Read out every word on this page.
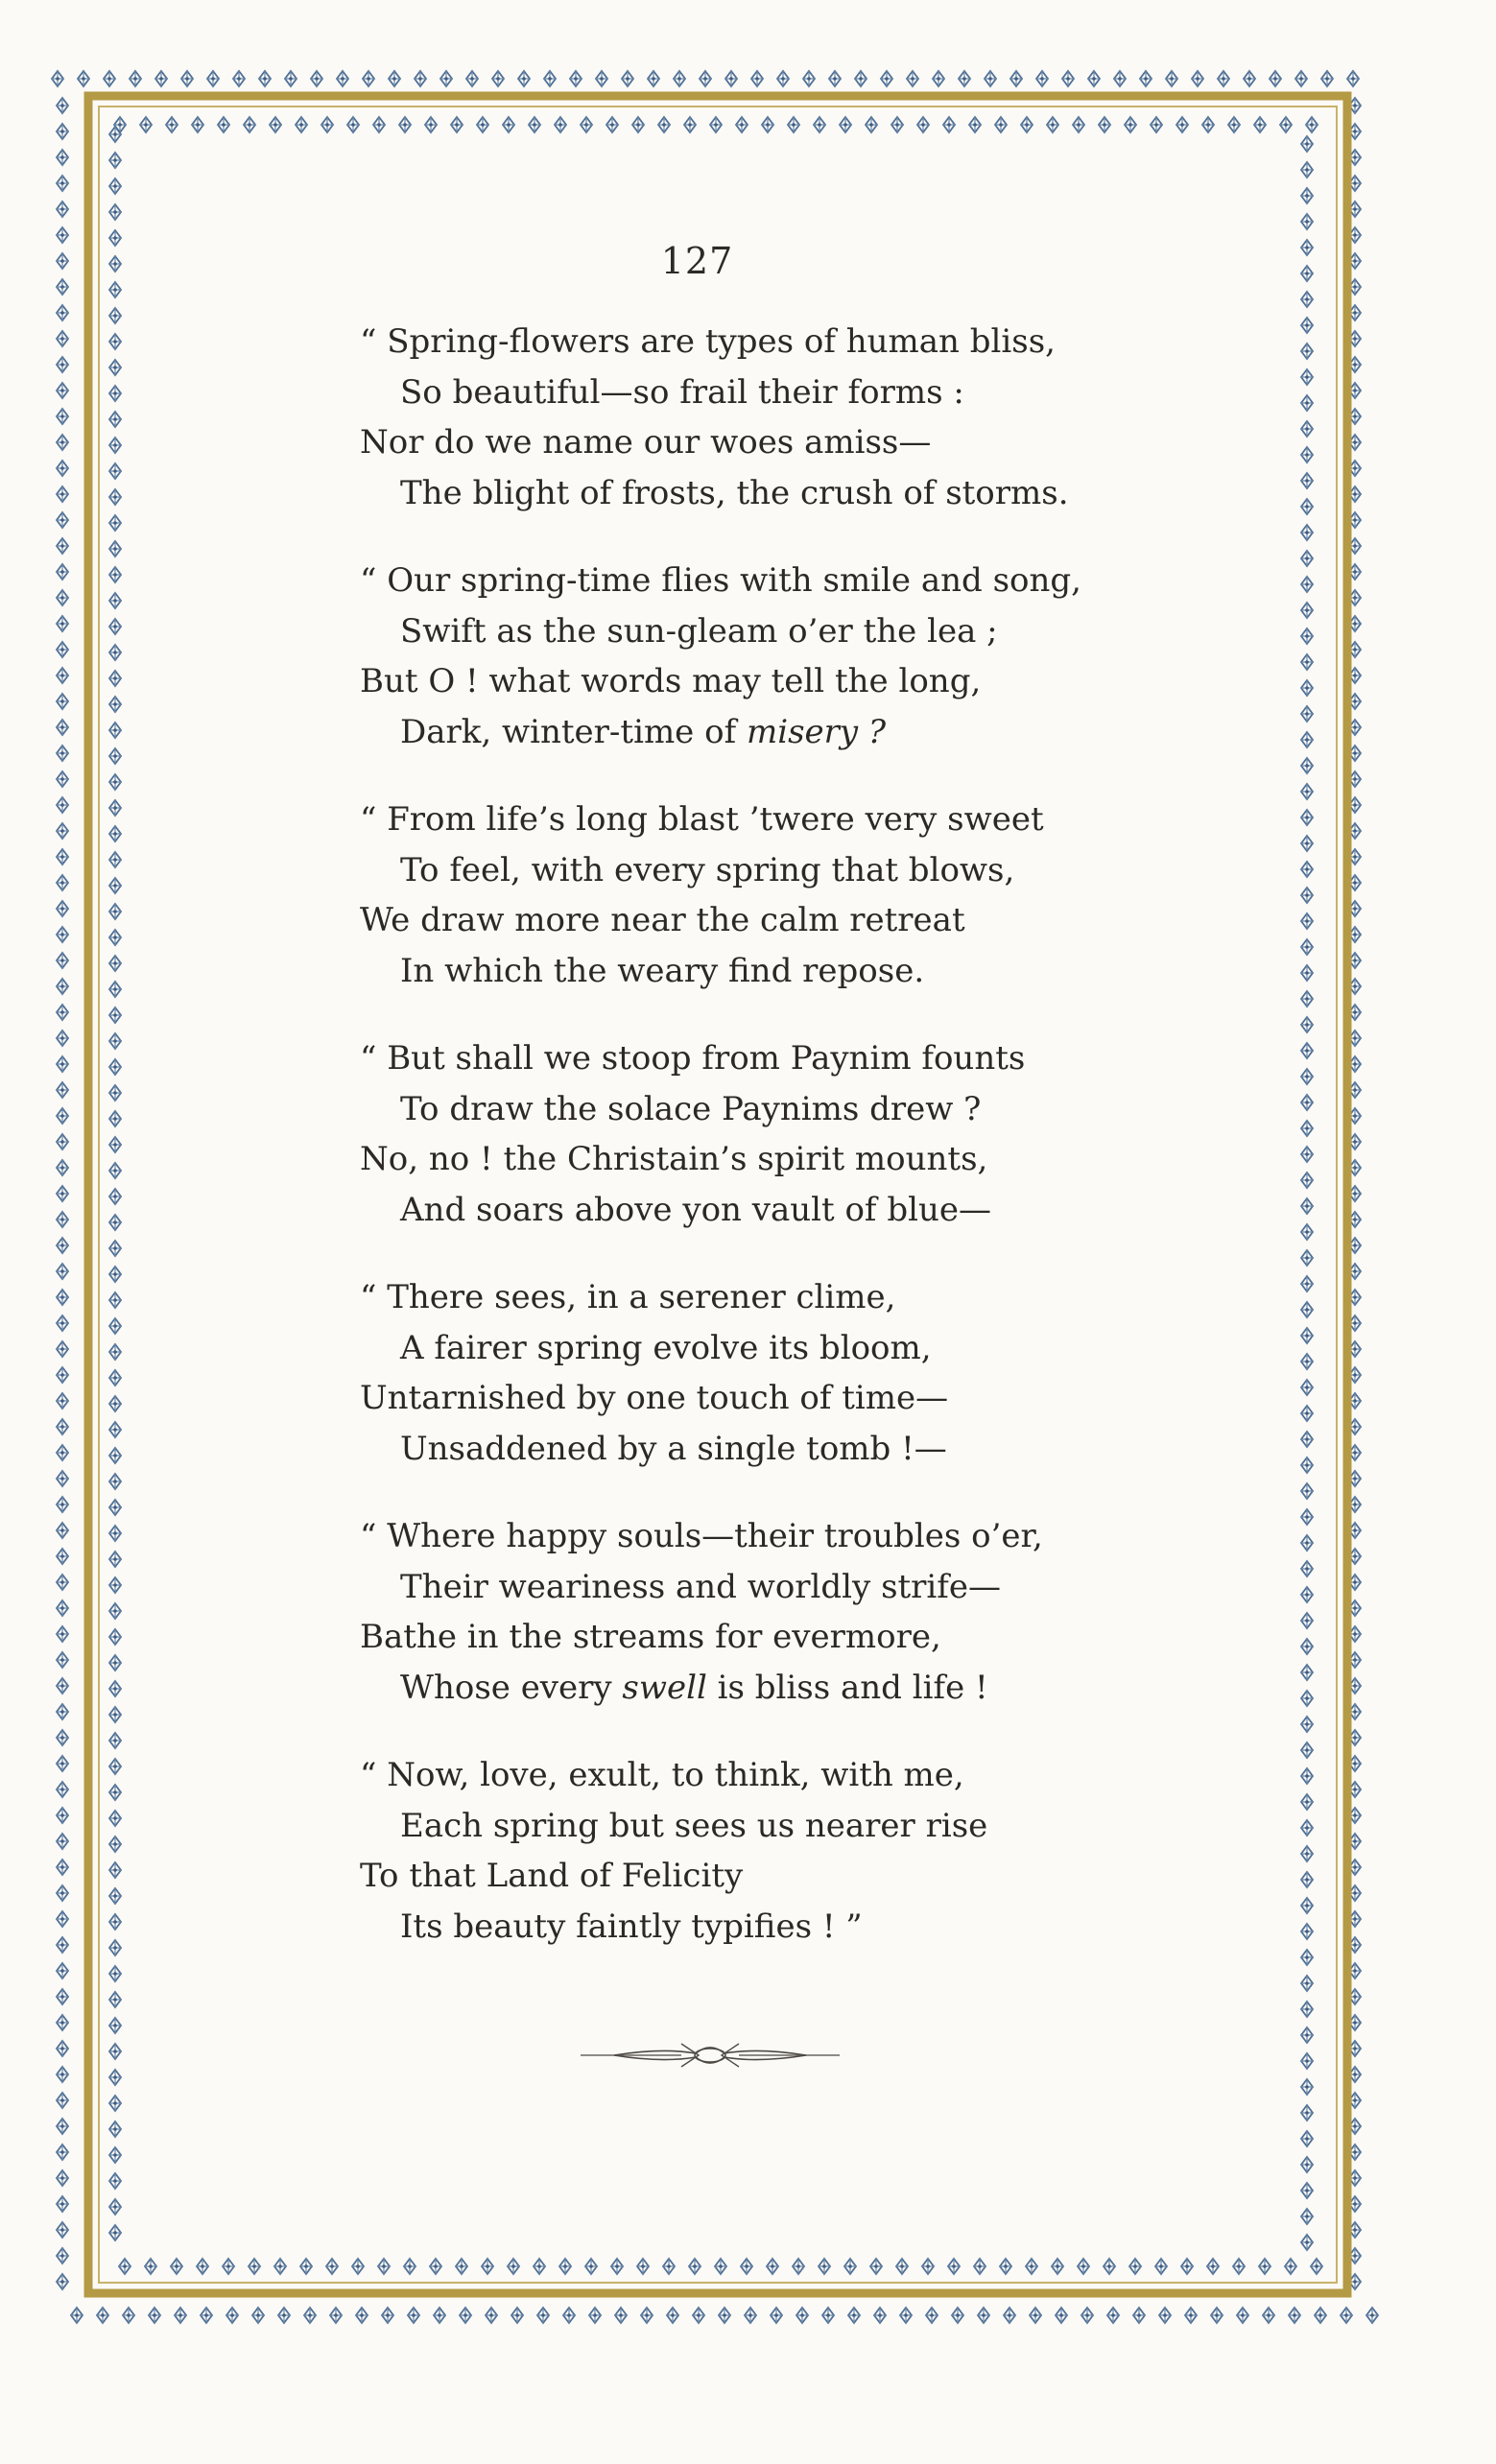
127
“ Spring-flowers are types of human bliss,
So beautiful—so frail their forms :
Nor do we name our woes amiss—
The blight of frosts, the crush of storms.
“ Our spring-time flies with smile and song,
Swift as the sun-gleam o’er the lea ;
But O ! what words may tell the long,
Dark, winter-time of misery ?
“ From life’s long blast ’twere very sweet
To feel, with every spring that blows,
We draw more near the calm retreat
In which the weary find repose.
“ But shall we stoop from Paynim founts
To draw the solace Paynims drew ?
No, no ! the Christain’s spirit mounts,
And soars above yon vault of blue—
“ There sees, in a serener clime,
A fairer spring evolve its bloom,
Untarnished by one touch of time—
Unsaddened by a single tomb !—
“ Where happy souls—their troubles o’er,
Their weariness and worldly strife—
Bathe in the streams for evermore,
Whose every swell is bliss and life !
“ Now, love, exult, to think, with me,
Each spring but sees us nearer rise
To that Land of Felicity
Its beauty faintly typifies ! ”
